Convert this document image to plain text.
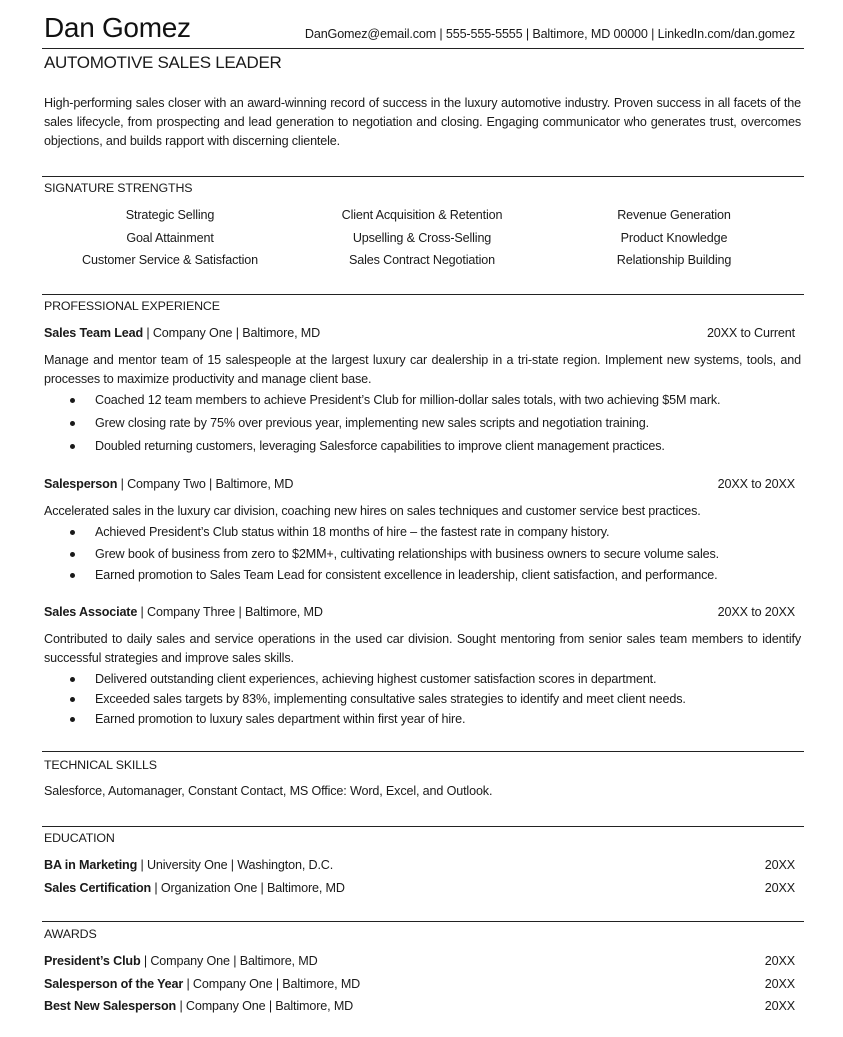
Dan Gomez	DanGomez@email.com | 555-555-5555 | Baltimore, MD 00000 | LinkedIn.com/dan.gomez
AUTOMOTIVE SALES LEADER

High-performing sales closer with an award-winning record of success in the luxury automotive industry. Proven success in all facets of the sales lifecycle, from prospecting and lead generation to negotiation and closing. Engaging communicator who generates trust, overcomes objections, and builds rapport with discerning clientele.

SIGNATURE STRENGTHS
Strategic Selling	Client Acquisition & Retention	Revenue Generation
Goal Attainment	Upselling & Cross-Selling	Product Knowledge
Customer Service & Satisfaction	Sales Contract Negotiation	Relationship Building
PROFESSIONAL EXPERIENCE
Sales Team Lead | Company One | Baltimore, MD	20XX to Current

Manage and mentor team of 15 salespeople at the largest luxury car dealership in a tri-state region. Implement new systems, tools, and processes to maximize productivity and manage client base.

Coached 12 team members to achieve President’s Club for million-dollar sales totals, with two achieving $5M mark.
Grew closing rate by 75% over previous year, implementing new sales scripts and negotiation training.
Doubled returning customers, leveraging Salesforce capabilities to improve client management practices.
Salesperson | Company Two | Baltimore, MD	20XX to 20XX

Accelerated sales in the luxury car division, coaching new hires on sales techniques and customer service best practices.

Achieved President’s Club status within 18 months of hire – the fastest rate in company history.
Grew book of business from zero to $2MM+, cultivating relationships with business owners to secure volume sales.
Earned promotion to Sales Team Lead for consistent excellence in leadership, client satisfaction, and performance.
Sales Associate | Company Three | Baltimore, MD	20XX to 20XX

Contributed to daily sales and service operations in the used car division. Sought mentoring from senior sales team members to identify successful strategies and improve sales skills.

Delivered outstanding client experiences, achieving highest customer satisfaction scores in department.
Exceeded sales targets by 83%, implementing consultative sales strategies to identify and meet client needs.
Earned promotion to luxury sales department within first year of hire.
TECHNICAL SKILLS
Salesforce, Automanager, Constant Contact, MS Office: Word, Excel, and Outlook.
EDUCATION
BA in Marketing | University One | Washington, D.C.	20XX
Sales Certification | Organization One | Baltimore, MD	20XX
AWARDS
President’s Club | Company One | Baltimore, MD	20XX
Salesperson of the Year | Company One | Baltimore, MD	20XX
Best New Salesperson | Company One | Baltimore, MD	20XX
